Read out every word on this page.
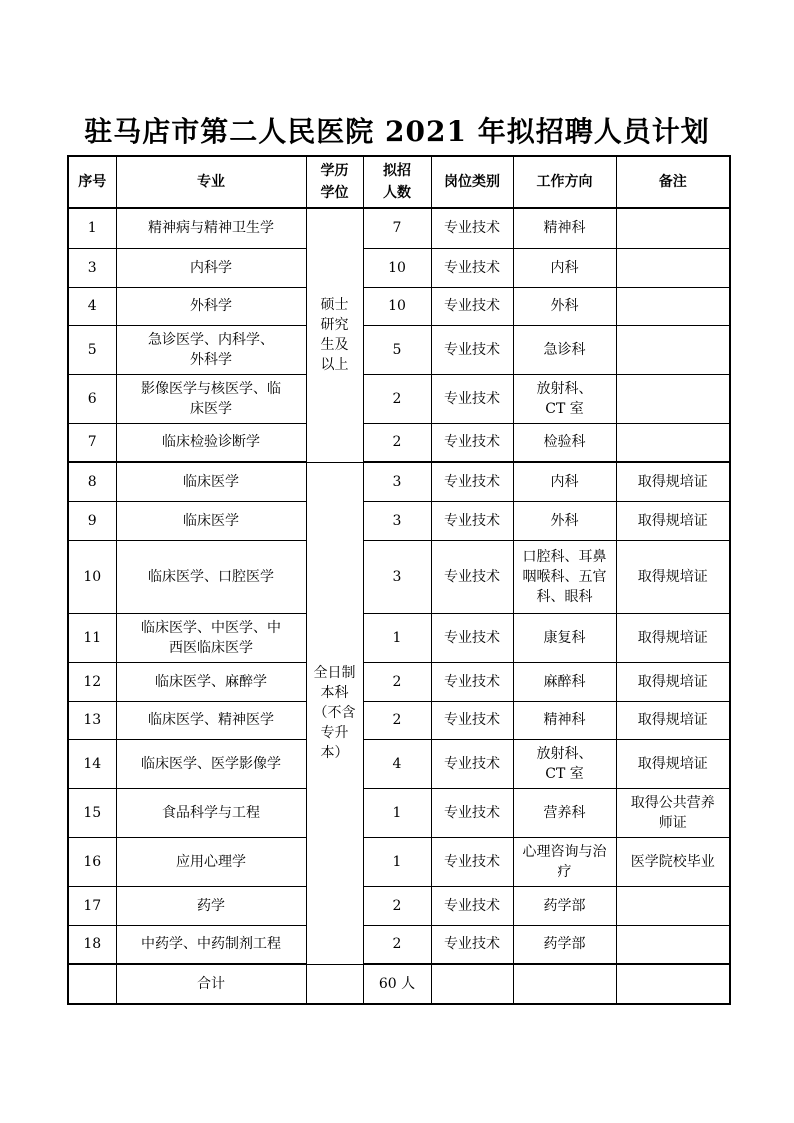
驻马店市第二人民医院 2021 年拟招聘人员计划
序号	专业	学历学位	拟招人数	岗位类别	工作方向	备注
1	精神病与精神卫生学	硕士研究生及以上	7	专业技术	精神科	
3	内科学		10	专业技术	内科	
4	外科学		10	专业技术	外科	
5	急诊医学、内科学、外科学		5	专业技术	急诊科	
6	影像医学与核医学、临床医学		2	专业技术	放射科、CT 室	
7	临床检验诊断学		2	专业技术	检验科	
8	临床医学	全日制本科（不含专升本）	3	专业技术	内科	取得规培证
9	临床医学		3	专业技术	外科	取得规培证
10	临床医学、口腔医学		3	专业技术	口腔科、耳鼻咽喉科、五官科、眼科	取得规培证
11	临床医学、中医学、中西医临床医学		1	专业技术	康复科	取得规培证
12	临床医学、麻醉学		2	专业技术	麻醉科	取得规培证
13	临床医学、精神医学		2	专业技术	精神科	取得规培证
14	临床医学、医学影像学		4	专业技术	放射科、CT 室	取得规培证
15	食品科学与工程		1	专业技术	营养科	取得公共营养师证
16	应用心理学		1	专业技术	心理咨询与治疗	医学院校毕业
17	药学		2	专业技术	药学部	
18	中药学、中药制剂工程		2	专业技术	药学部	
	合计		60 人			
